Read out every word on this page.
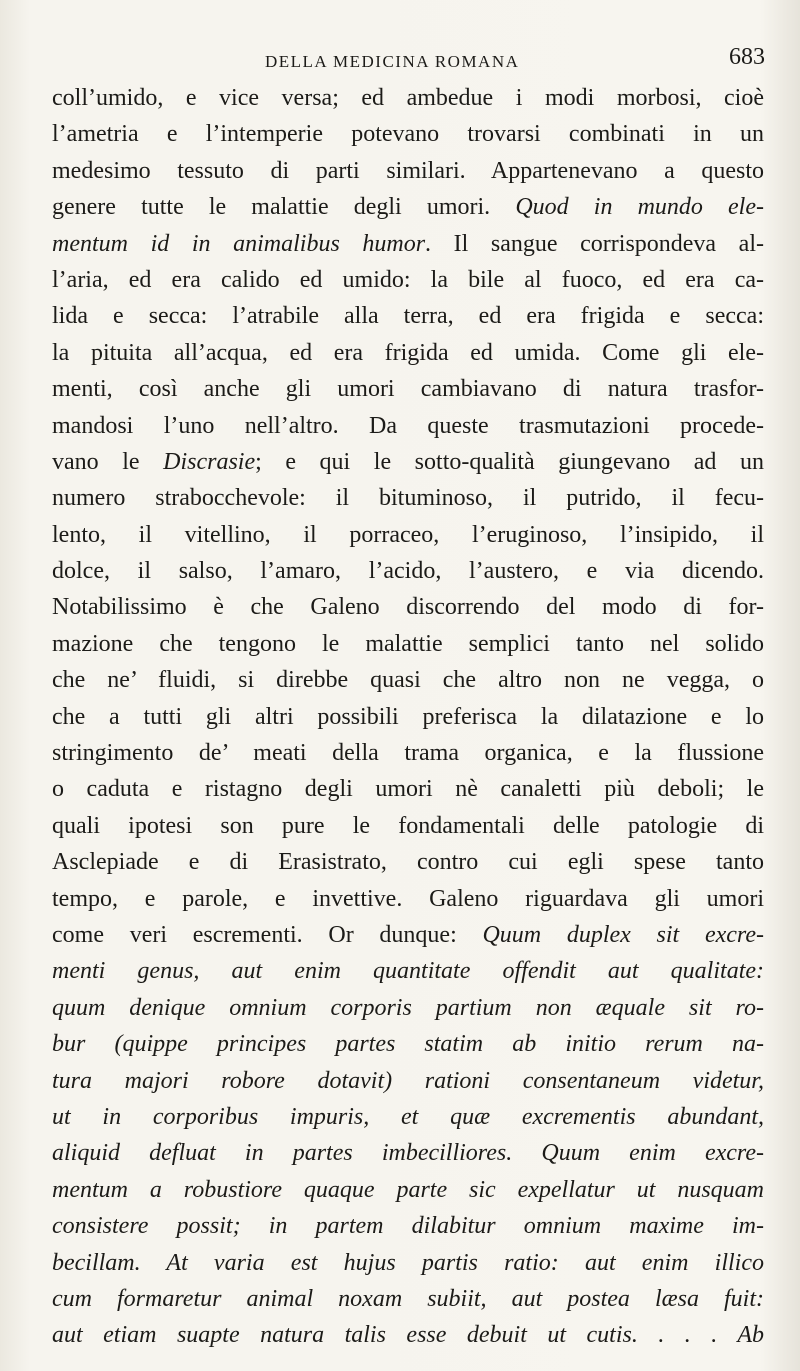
DELLA MEDICINA ROMANA	683
coll’umido, e vice versa; ed ambedue i modi morbosi, cioè
l’ametria e l’intemperie potevano trovarsi combinati in un
medesimo tessuto di parti similari. Appartenevano a questo
genere tutte le malattie degli umori. Quod in mundo ele-
mentum id in animalibus humor. Il sangue corrispondeva al-
l’aria, ed era calido ed umido: la bile al fuoco, ed era ca-
lida e secca: l’atrabile alla terra, ed era frigida e secca:
la pituita all’acqua, ed era frigida ed umida. Come gli ele-
menti, così anche gli umori cambiavano di natura trasfor-
mandosi l’uno nell’altro. Da queste trasmutazioni procede-
vano le Discrasie; e qui le sotto-qualità giungevano ad un
numero strabocchevole: il bituminoso, il putrido, il fecu-
lento, il vitellino, il porraceo, l’eruginoso, l’insipido, il
dolce, il salso, l’amaro, l’acido, l’austero, e via dicendo.
Notabilissimo è che Galeno discorrendo del modo di for-
mazione che tengono le malattie semplici tanto nel solido
che ne’ fluidi, si direbbe quasi che altro non ne vegga, o
che a tutti gli altri possibili preferisca la dilatazione e lo
stringimento de’ meati della trama organica, e la flussione
o caduta e ristagno degli umori nè canaletti più deboli; le
quali ipotesi son pure le fondamentali delle patologie di
Asclepiade e di Erasistrato, contro cui egli spese tanto
tempo, e parole, e invettive. Galeno riguardava gli umori
come veri escrementi. Or dunque: Quum duplex sit excre-
menti genus, aut enim quantitate offendit aut qualitate:
quum denique omnium corporis partium non æquale sit ro-
bur (quippe principes partes statim ab initio rerum na-
tura majori robore dotavit) rationi consentaneum videtur,
ut in corporibus impuris, et quæ excrementis abundant,
aliquid defluat in partes imbecilliores. Quum enim excre-
mentum a robustiore quaque parte sic expellatur ut nusquam
consistere possit; in partem dilabitur omnium maxime im-
becillam. At varia est hujus partis ratio: aut enim illico
cum formaretur animal noxam subiit, aut postea læsa fuit:
aut etiam suapte natura talis esse debuit ut cutis. . . . Ab
